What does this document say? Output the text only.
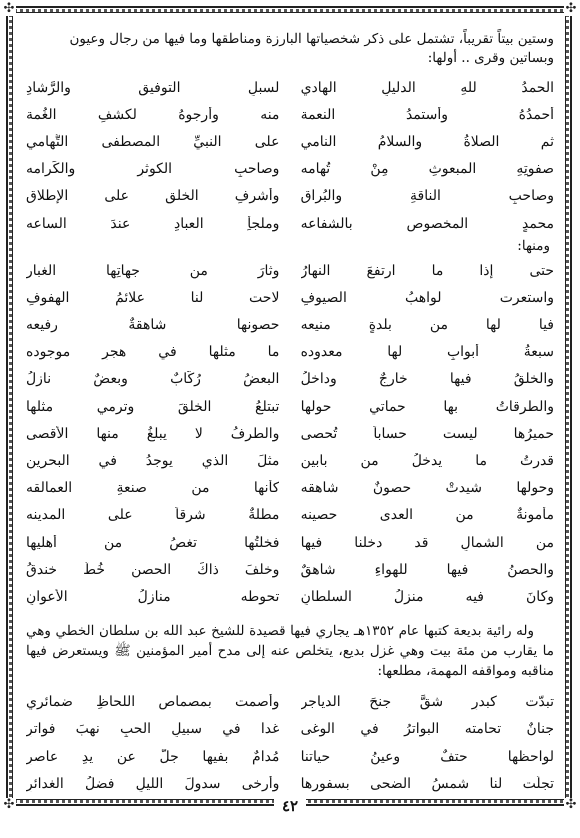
✣	✣
✣	✣

وستين بيتاً تقريباً، تشتمل على ذكر شخصياتها البارزة ومناطقها وما فيها من رجال وعيون
وبساتين وقرى .. أولها:

الحمدُ للهِ الدليلِ الهادي
لسبلِ التوفيقِ والرَّشادِ
أحمدُهُ وأستمدُ النعمة
منه وأرجوهُ لكشفِ الغُمة
ثم الصلاةُ والسلامُ النامي
على النبيِّ المصطفى التُّهامي
صفوتِهِ المبعوثِ مِنْ تُهامه
وصاحبِ الكوثرِ والكَرامه
وصاحبِ الناقةِ والبُراقِ
وأشرفِ الخلقِ على الإطلاقِ
محمدٍ المخصوصِ بالشفاعه
وملجأِ العبادِ عندَ الساعه
ومنها:
حتى إذا ما ارتفعَ النهارُ
وثارَ من جهاتِها الغبار
واستعرت لواهبُ الصيوفِ
لاحت لنا علائمُ الهفوفِ
فيا لها من بلدةٍ منيعه
حصونها شاهقةٌ رفيعه
سبعةُ أبوابٍ لها معدوده
ما مثلها في هجرٍ موجوده
والخلقُ فيها خارجٌ وداخلُ
البعضُ رُكَّابٌ وبعضٌ نازلُ
والطرقاتُ بها حماتي حولها
تبتلعُ الخلقَ وترمي مثلها
حميرُها ليست حساباً تُحصى
والطرفُ لا يبلغُ منها الأقصى
قدرتُ ما يدخلُ من بابينِ
مثلَ الذي يوجدُ في البحرينِ
وحولها شيدتْ حصونٌ شاهقه
كأنها من صنعةِ العمالقه
مأمونةٌ من العدى حصينه
مطلةٌ شرقاً على المدينه
من الشمالِ قد دخلنا فيها
فخلتُها تغصُ من أهليها
والحصنُ فيها للهواءِ شاهقٌ
وخلفَ ذاكَ الحصنِ خُطَّ خندقُ
وكانَ فيه منزلُ السلطانِ
تحوطه منازلُ الأعوانِ

وله رائية بديعة كتبها عام ١٣٥٢هـ يجاري فيها قصيدة للشيخ عبد الله بن سلطان الخطي وهي ما يقارب من مئة بيت وهي غزل بديع، يتخلص عنه إلى مدح أمير المؤمنين ﷺ ويستعرض فيها مناقبه ومواقفه المهمة، مطلعها:

تبدّت كبدرٍ شقَّ جنحَ الدياجرِ
وأصمت بمصماصِ اللحاظِ ضمائري
جنانٌ تحامته البواترُ في الوغى
غدا في سبيلِ الحبِ نهبَ فواترِ
لواحظها حتفٌ وعينُ حياتنا
مُدامٌ بفيها جلَّ عن يدِ عاصرِ
تجلّت لنا شمسُ الضحى بسفورها
وأرخى سدولَ الليلِ فضلُ الغدائرِ
٤٢
